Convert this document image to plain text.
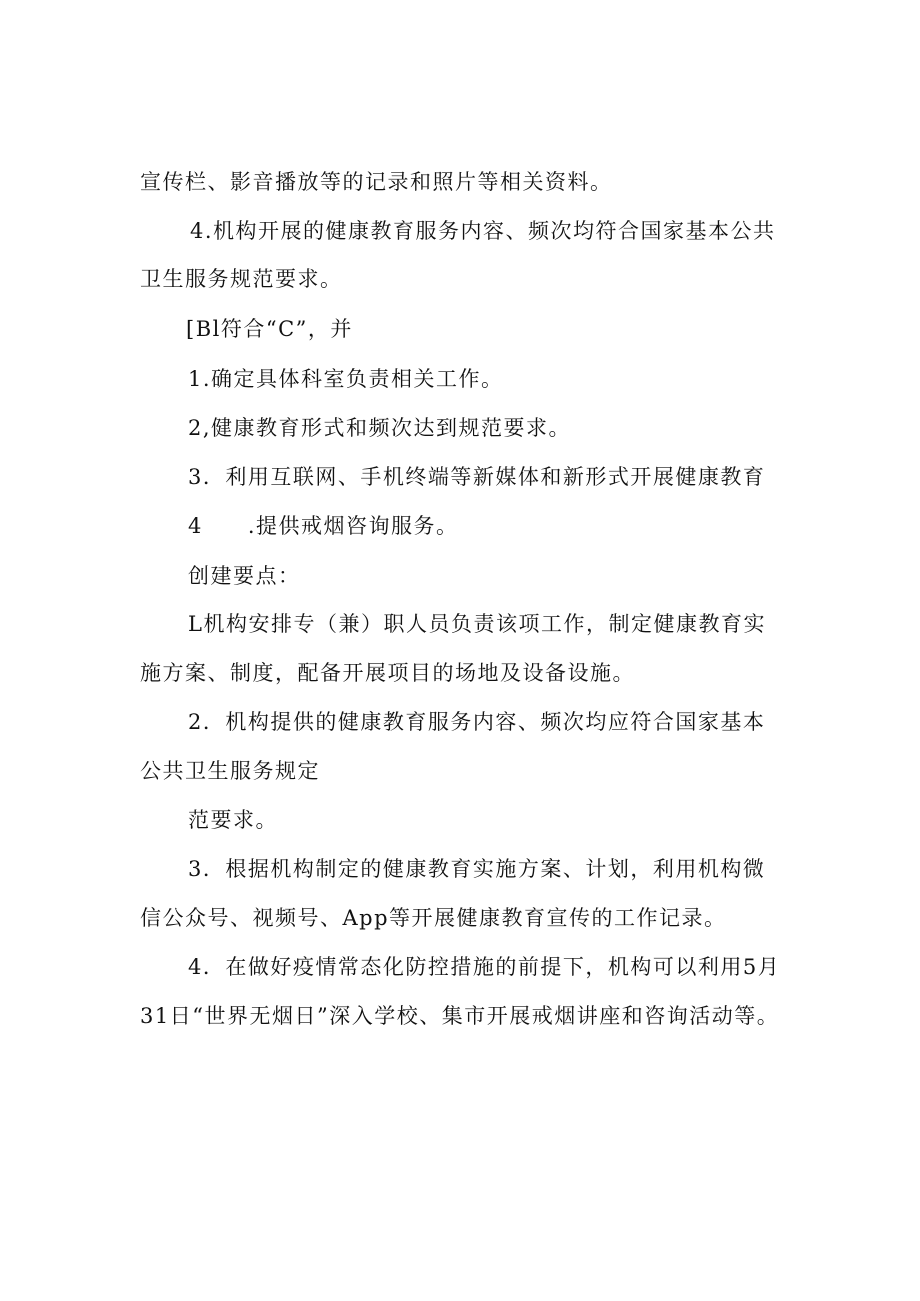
宣传栏、影音播放等的记录和照片等相关资料。
4.机构开展的健康教育服务内容、频次均符合国家基本公共
卫生服务规范要求。
[Bl符合“C”，并
1.确定具体科室负责相关工作。
2,健康教育形式和频次达到规范要求。
3．利用互联网、手机终端等新媒体和新形式开展健康教育
4　　.提供戒烟咨询服务。
创建要点：
L机构安排专（兼）职人员负责该项工作，制定健康教育实
施方案、制度，配备开展项目的场地及设备设施。
2．机构提供的健康教育服务内容、频次均应符合国家基本
公共卫生服务规定
范要求。
3．根据机构制定的健康教育实施方案、计划，利用机构微
信公众号、视频号、App等开展健康教育宣传的工作记录。
4．在做好疫情常态化防控措施的前提下，机构可以利用5月
31日“世界无烟日”深入学校、集市开展戒烟讲座和咨询活动等。
